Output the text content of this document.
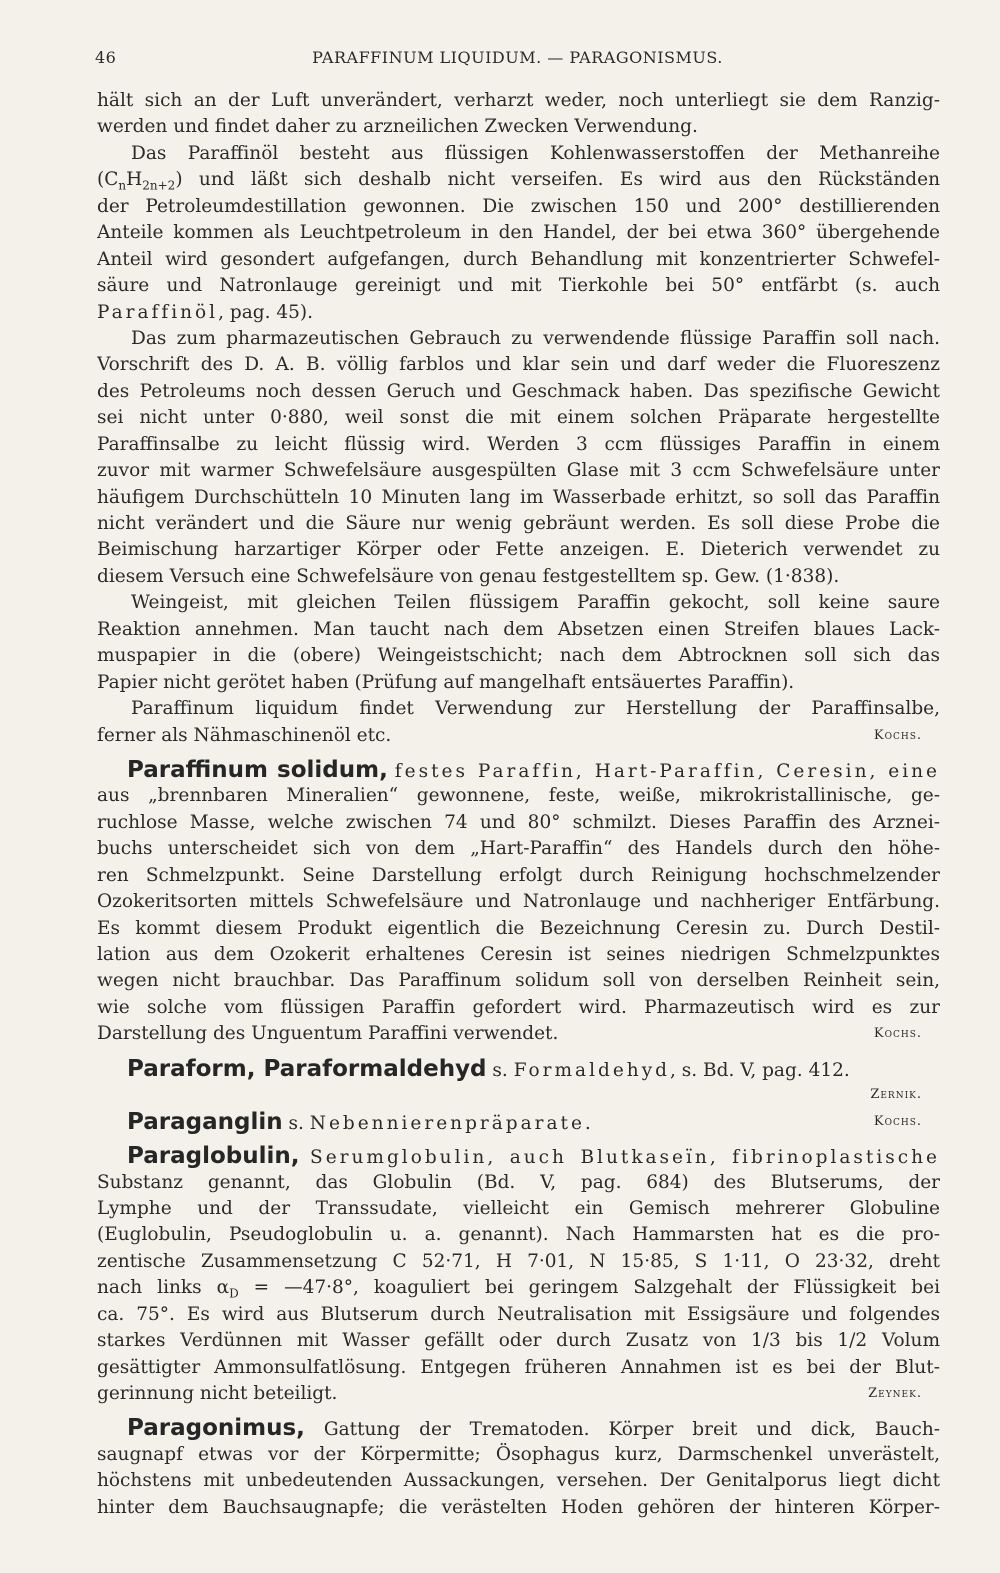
46	PARAFFINUM LIQUIDUM. — PARAGONISMUS.
hält sich an der Luft unverändert, verharzt weder, noch unterliegt sie dem Ranzig-
werden und findet daher zu arzneilichen Zwecken Verwendung.
Das Paraffinöl besteht aus flüssigen Kohlenwasserstoffen der Methanreihe
$(C_nH_{2n+2})$ und läßt sich deshalb nicht verseifen. Es wird aus den Rückständen
der Petroleumdestillation gewonnen. Die zwischen 150 und 200° destillierenden
Anteile kommen als Leuchtpetroleum in den Handel, der bei etwa 360° übergehende
Anteil wird gesondert aufgefangen, durch Behandlung mit konzentrierter Schwefel-
säure und Natronlauge gereinigt und mit Tierkohle bei 50° entfärbt (s. auch
Paraffinöl, pag. 45).
Das zum pharmazeutischen Gebrauch zu verwendende flüssige Paraffin soll nach.
Vorschrift des D. A. B. völlig farblos und klar sein und darf weder die Fluoreszenz
des Petroleums noch dessen Geruch und Geschmack haben. Das spezifische Gewicht
sei nicht unter 0·880, weil sonst die mit einem solchen Präparate hergestellte
Paraffinsalbe zu leicht flüssig wird. Werden 3 ccm flüssiges Paraffin in einem
zuvor mit warmer Schwefelsäure ausgespülten Glase mit 3 ccm Schwefelsäure unter
häufigem Durchschütteln 10 Minuten lang im Wasserbade erhitzt, so soll das Paraffin
nicht verändert und die Säure nur wenig gebräunt werden. Es soll diese Probe die
Beimischung harzartiger Körper oder Fette anzeigen. E. Dieterich verwendet zu
diesem Versuch eine Schwefelsäure von genau festgestelltem sp. Gew. (1·838).
Weingeist, mit gleichen Teilen flüssigem Paraffin gekocht, soll keine saure
Reaktion annehmen. Man taucht nach dem Absetzen einen Streifen blaues Lack-
muspapier in die (obere) Weingeistschicht; nach dem Abtrocknen soll sich das
Papier nicht gerötet haben (Prüfung auf mangelhaft entsäuertes Paraffin).
Paraffinum liquidum findet Verwendung zur Herstellung der Paraffinsalbe,
ferner als Nähmaschinenöl etc.	Kochs.
Paraffinum solidum, festes Paraffin, Hart-Paraffin, Ceresin, eine
aus „brennbaren Mineralien“ gewonnene, feste, weiße, mikrokristallinische, ge-
ruchlose Masse, welche zwischen 74 und 80° schmilzt. Dieses Paraffin des Arznei-
buchs unterscheidet sich von dem „Hart-Paraffin“ des Handels durch den höhe-
ren Schmelzpunkt. Seine Darstellung erfolgt durch Reinigung hochschmelzender
Ozokeritsorten mittels Schwefelsäure und Natronlauge und nachheriger Entfärbung.
Es kommt diesem Produkt eigentlich die Bezeichnung Ceresin zu. Durch Destil-
lation aus dem Ozokerit erhaltenes Ceresin ist seines niedrigen Schmelzpunktes
wegen nicht brauchbar. Das Paraffinum solidum soll von derselben Reinheit sein,
wie solche vom flüssigen Paraffin gefordert wird. Pharmazeutisch wird es zur
Darstellung des Unguentum Paraffini verwendet.	Kochs.
Paraform, Paraformaldehyd s. Formaldehyd, s. Bd. V, pag. 412.
Zernik.
Paraganglin s. Nebennierenpräparate.	Kochs.
Paraglobulin, Serumglobulin, auch Blutkaseïn, fibrinoplastische
Substanz genannt, das Globulin (Bd. V, pag. 684) des Blutserums, der
Lymphe und der Transsudate, vielleicht ein Gemisch mehrerer Globuline
(Euglobulin, Pseudoglobulin u. a. genannt). Nach Hammarsten hat es die pro-
zentische Zusammensetzung C 52·71, H 7·01, N 15·85, S 1·11, O 23·32, dreht
nach links $\alpha_D$ = —47·8°, koaguliert bei geringem Salzgehalt der Flüssigkeit bei
ca. 75°. Es wird aus Blutserum durch Neutralisation mit Essigsäure und folgendes
starkes Verdünnen mit Wasser gefällt oder durch Zusatz von 1/3 bis 1/2 Volum
gesättigter Ammonsulfatlösung. Entgegen früheren Annahmen ist es bei der Blut-
gerinnung nicht beteiligt.	Zeynek.
Paragonimus, Gattung der Trematoden. Körper breit und dick, Bauch-
saugnapf etwas vor der Körpermitte; Ösophagus kurz, Darmschenkel unverästelt,
höchstens mit unbedeutenden Aussackungen, versehen. Der Genitalporus liegt dicht
hinter dem Bauchsaugnapfe; die verästelten Hoden gehören der hinteren Körper-
